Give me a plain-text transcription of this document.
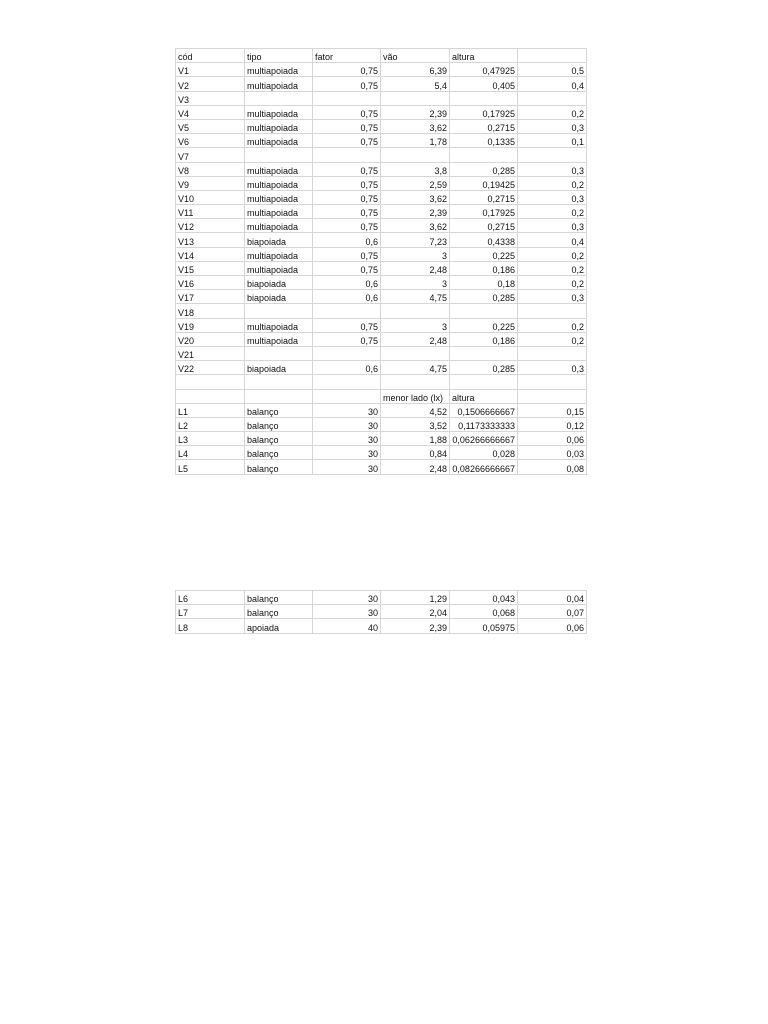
cód	tipo	fator	vão	altura	
V1	multiapoiada	0,75	6,39	0,47925	0,5
V2	multiapoiada	0,75	5,4	0,405	0,4
V3					
V4	multiapoiada	0,75	2,39	0,17925	0,2
V5	multiapoiada	0,75	3,62	0,2715	0,3
V6	multiapoiada	0,75	1,78	0,1335	0,1
V7					
V8	multiapoiada	0,75	3,8	0,285	0,3
V9	multiapoiada	0,75	2,59	0,19425	0,2
V10	multiapoiada	0,75	3,62	0,2715	0,3
V11	multiapoiada	0,75	2,39	0,17925	0,2
V12	multiapoiada	0,75	3,62	0,2715	0,3
V13	biapoiada	0,6	7,23	0,4338	0,4
V14	multiapoiada	0,75	3	0,225	0,2
V15	multiapoiada	0,75	2,48	0,186	0,2
V16	biapoiada	0,6	3	0,18	0,2
V17	biapoiada	0,6	4,75	0,285	0,3
V18					
V19	multiapoiada	0,75	3	0,225	0,2
V20	multiapoiada	0,75	2,48	0,186	0,2
V21					
V22	biapoiada	0,6	4,75	0,285	0,3

			menor lado (lx)	altura	
L1	balanço	30	4,52	0,1506666667	0,15
L2	balanço	30	3,52	0,1173333333	0,12
L3	balanço	30	1,88	0,06266666667	0,06
L4	balanço	30	0,84	0,028	0,03
L5	balanço	30	2,48	0,08266666667	0,08
L6	balanço	30	1,29	0,043	0,04
L7	balanço	30	2,04	0,068	0,07
L8	apoiada	40	2,39	0,05975	0,06
